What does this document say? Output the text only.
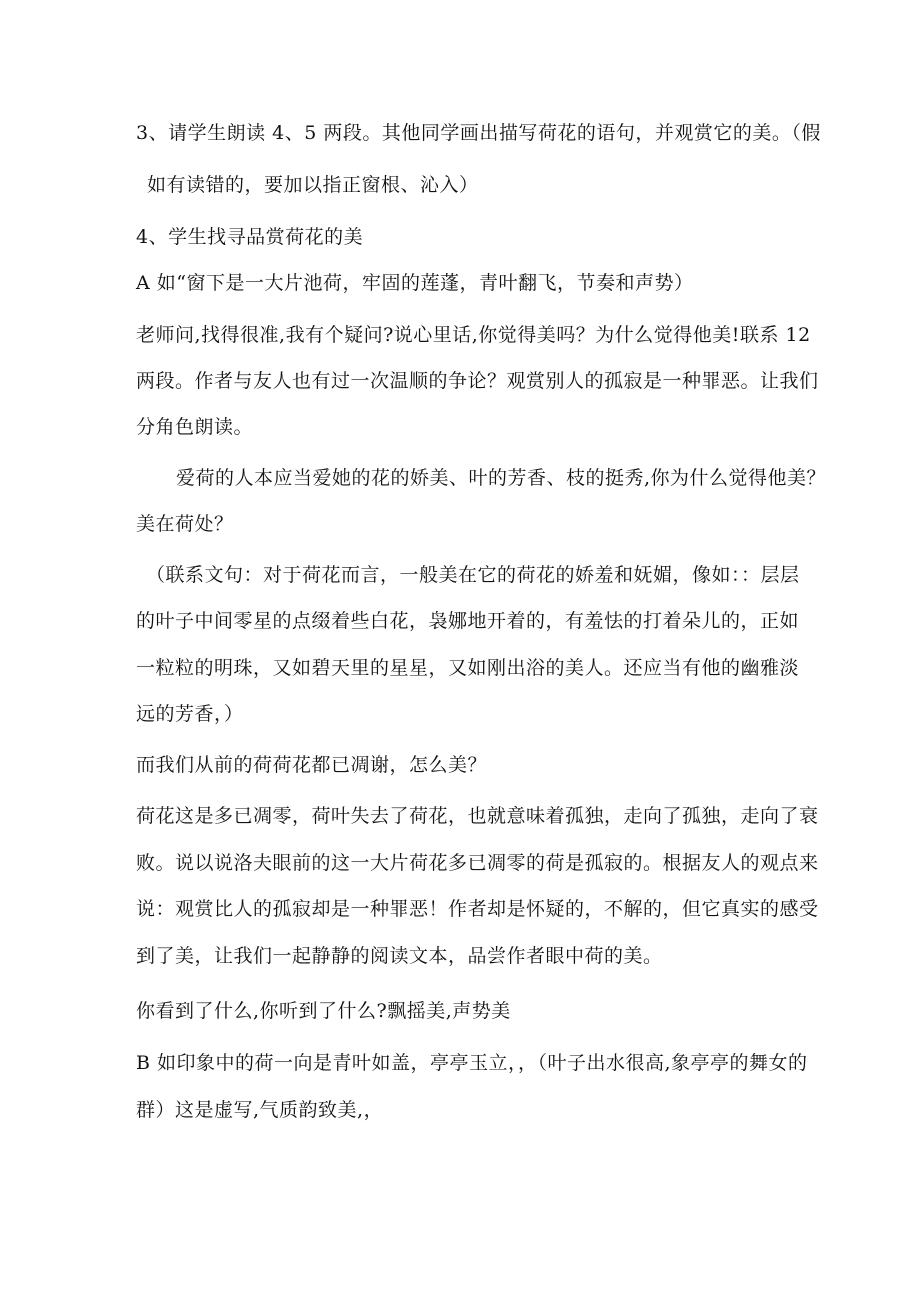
3、请学生朗读 4、5 两段。其他同学画出描写荷花的语句，并观赏它的美。（假
如有读错的，要加以指正窗根、沁入）
4、学生找寻品赏荷花的美
A 如“窗下是一大片池荷，牢固的莲蓬，青叶翻飞，节奏和声势）
老师问,找得很准,我有个疑问?说心里话,你觉得美吗？为什么觉得他美!联系 12
两段。作者与友人也有过一次温顺的争论？观赏别人的孤寂是一种罪恶。让我们
分角色朗读。
爱荷的人本应当爱她的花的娇美、叶的芳香、枝的挺秀,你为什么觉得他美？
美在荷处？
（联系文句：对于荷花而言，一般美在它的荷花的娇羞和妩媚，像如：：层层
的叶子中间零星的点缀着些白花，袅娜地开着的，有羞怯的打着朵儿的，正如
一粒粒的明珠，又如碧天里的星星，又如刚出浴的美人。还应当有他的幽雅淡
远的芳香，）
而我们从前的荷荷花都已凋谢，怎么美？
荷花这是多已凋零，荷叶失去了荷花，也就意味着孤独，走向了孤独，走向了衰
败。说以说洛夫眼前的这一大片荷花多已凋零的荷是孤寂的。根据友人的观点来
说：观赏比人的孤寂却是一种罪恶！作者却是怀疑的，不解的，但它真实的感受
到了美，让我们一起静静的阅读文本，品尝作者眼中荷的美。
你看到了什么,你听到了什么?飘摇美,声势美
B 如印象中的荷一向是青叶如盖，亭亭玉立，，（叶子出水很高,象亭亭的舞女的
群）这是虚写,气质韵致美,，
